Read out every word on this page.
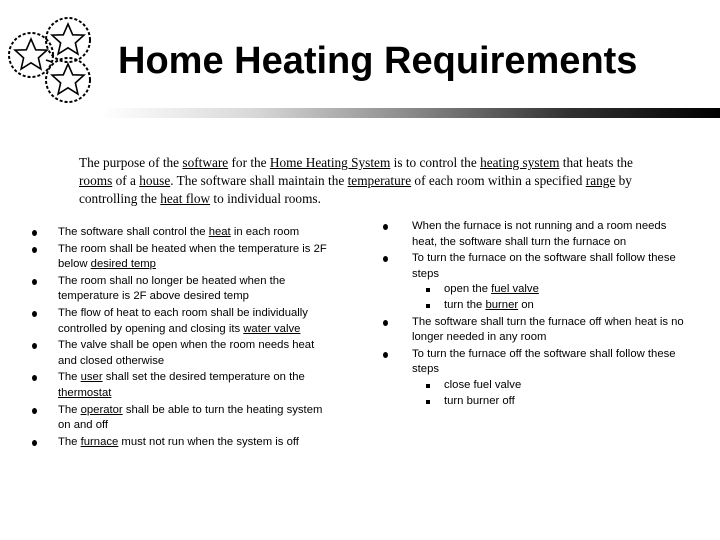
Home Heating Requirements

The purpose of the software for the Home Heating System is to control the heating system that heats the rooms of a house. The software shall maintain the temperature of each room within a specified range by controlling the heat flow to individual rooms.

The software shall control the heat in each room
The room shall be heated when the temperature is 2F below desired temp
The room shall no longer be heated when the temperature is 2F above desired temp
The flow of heat to each room shall be individually controlled by opening and closing its water valve
The valve shall be open when the room needs heat and closed otherwise
The user shall set the desired temperature on the thermostat
The operator shall be able to turn the heating system on and off
The furnace must not run when the system is off
When the furnace is not running and a room needs heat, the software shall turn the furnace on
To turn the furnace on the software shall follow these steps
open the fuel valve
turn the burner on
The software shall turn the furnace off when heat is no longer needed in any room
To turn the furnace off the software shall follow these steps
close fuel valve
turn burner off
